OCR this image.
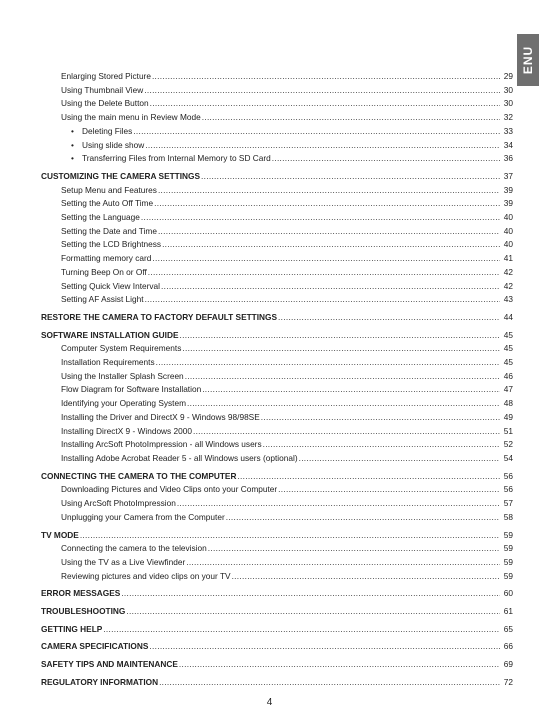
ENU
Enlarging Stored Picture .....	29
Using Thumbnail View .....	30
Using the Delete Button .....	30
Using the main menu in Review Mode .....	32
• Deleting Files .....	33
• Using slide show .....	34
• Transferring Files from Internal Memory to SD Card .....	36
CUSTOMIZING THE CAMERA SETTINGS .....	37
Setup Menu and Features .....	39
Setting the Auto Off Time .....	39
Setting the Language .....	40
Setting the Date and Time .....	40
Setting the LCD Brightness .....	40
Formatting memory card .....	41
Turning Beep On or Off .....	42
Setting Quick View Interval .....	42
Setting AF Assist Light .....	43
RESTORE THE CAMERA TO FACTORY DEFAULT SETTINGS .....	44
SOFTWARE INSTALLATION GUIDE .....	45
Computer System Requirements .....	45
Installation Requirements .....	45
Using the Installer Splash Screen .....	46
Flow Diagram for Software Installation .....	47
Identifying your Operating System .....	48
Installing the Driver and DirectX 9 - Windows 98/98SE .....	49
Installing DirectX 9 - Windows 2000 .....	51
Installing ArcSoft PhotoImpression - all Windows users .....	52
Installing Adobe Acrobat Reader 5 - all Windows users (optional) .....	54
CONNECTING THE CAMERA TO THE COMPUTER .....	56
Downloading Pictures and Video Clips onto your Computer .....	56
Using ArcSoft PhotoImpression .....	57
Unplugging your Camera from the Computer .....	58
TV MODE .....	59
Connecting the camera to the television .....	59
Using the TV as a Live Viewfinder .....	59
Reviewing pictures and video clips on your TV .....	59
ERROR MESSAGES .....	60
TROUBLESHOOTING .....	61
GETTING HELP .....	65
CAMERA SPECIFICATIONS .....	66
SAFETY TIPS AND MAINTENANCE .....	69
REGULATORY INFORMATION .....	72
4
